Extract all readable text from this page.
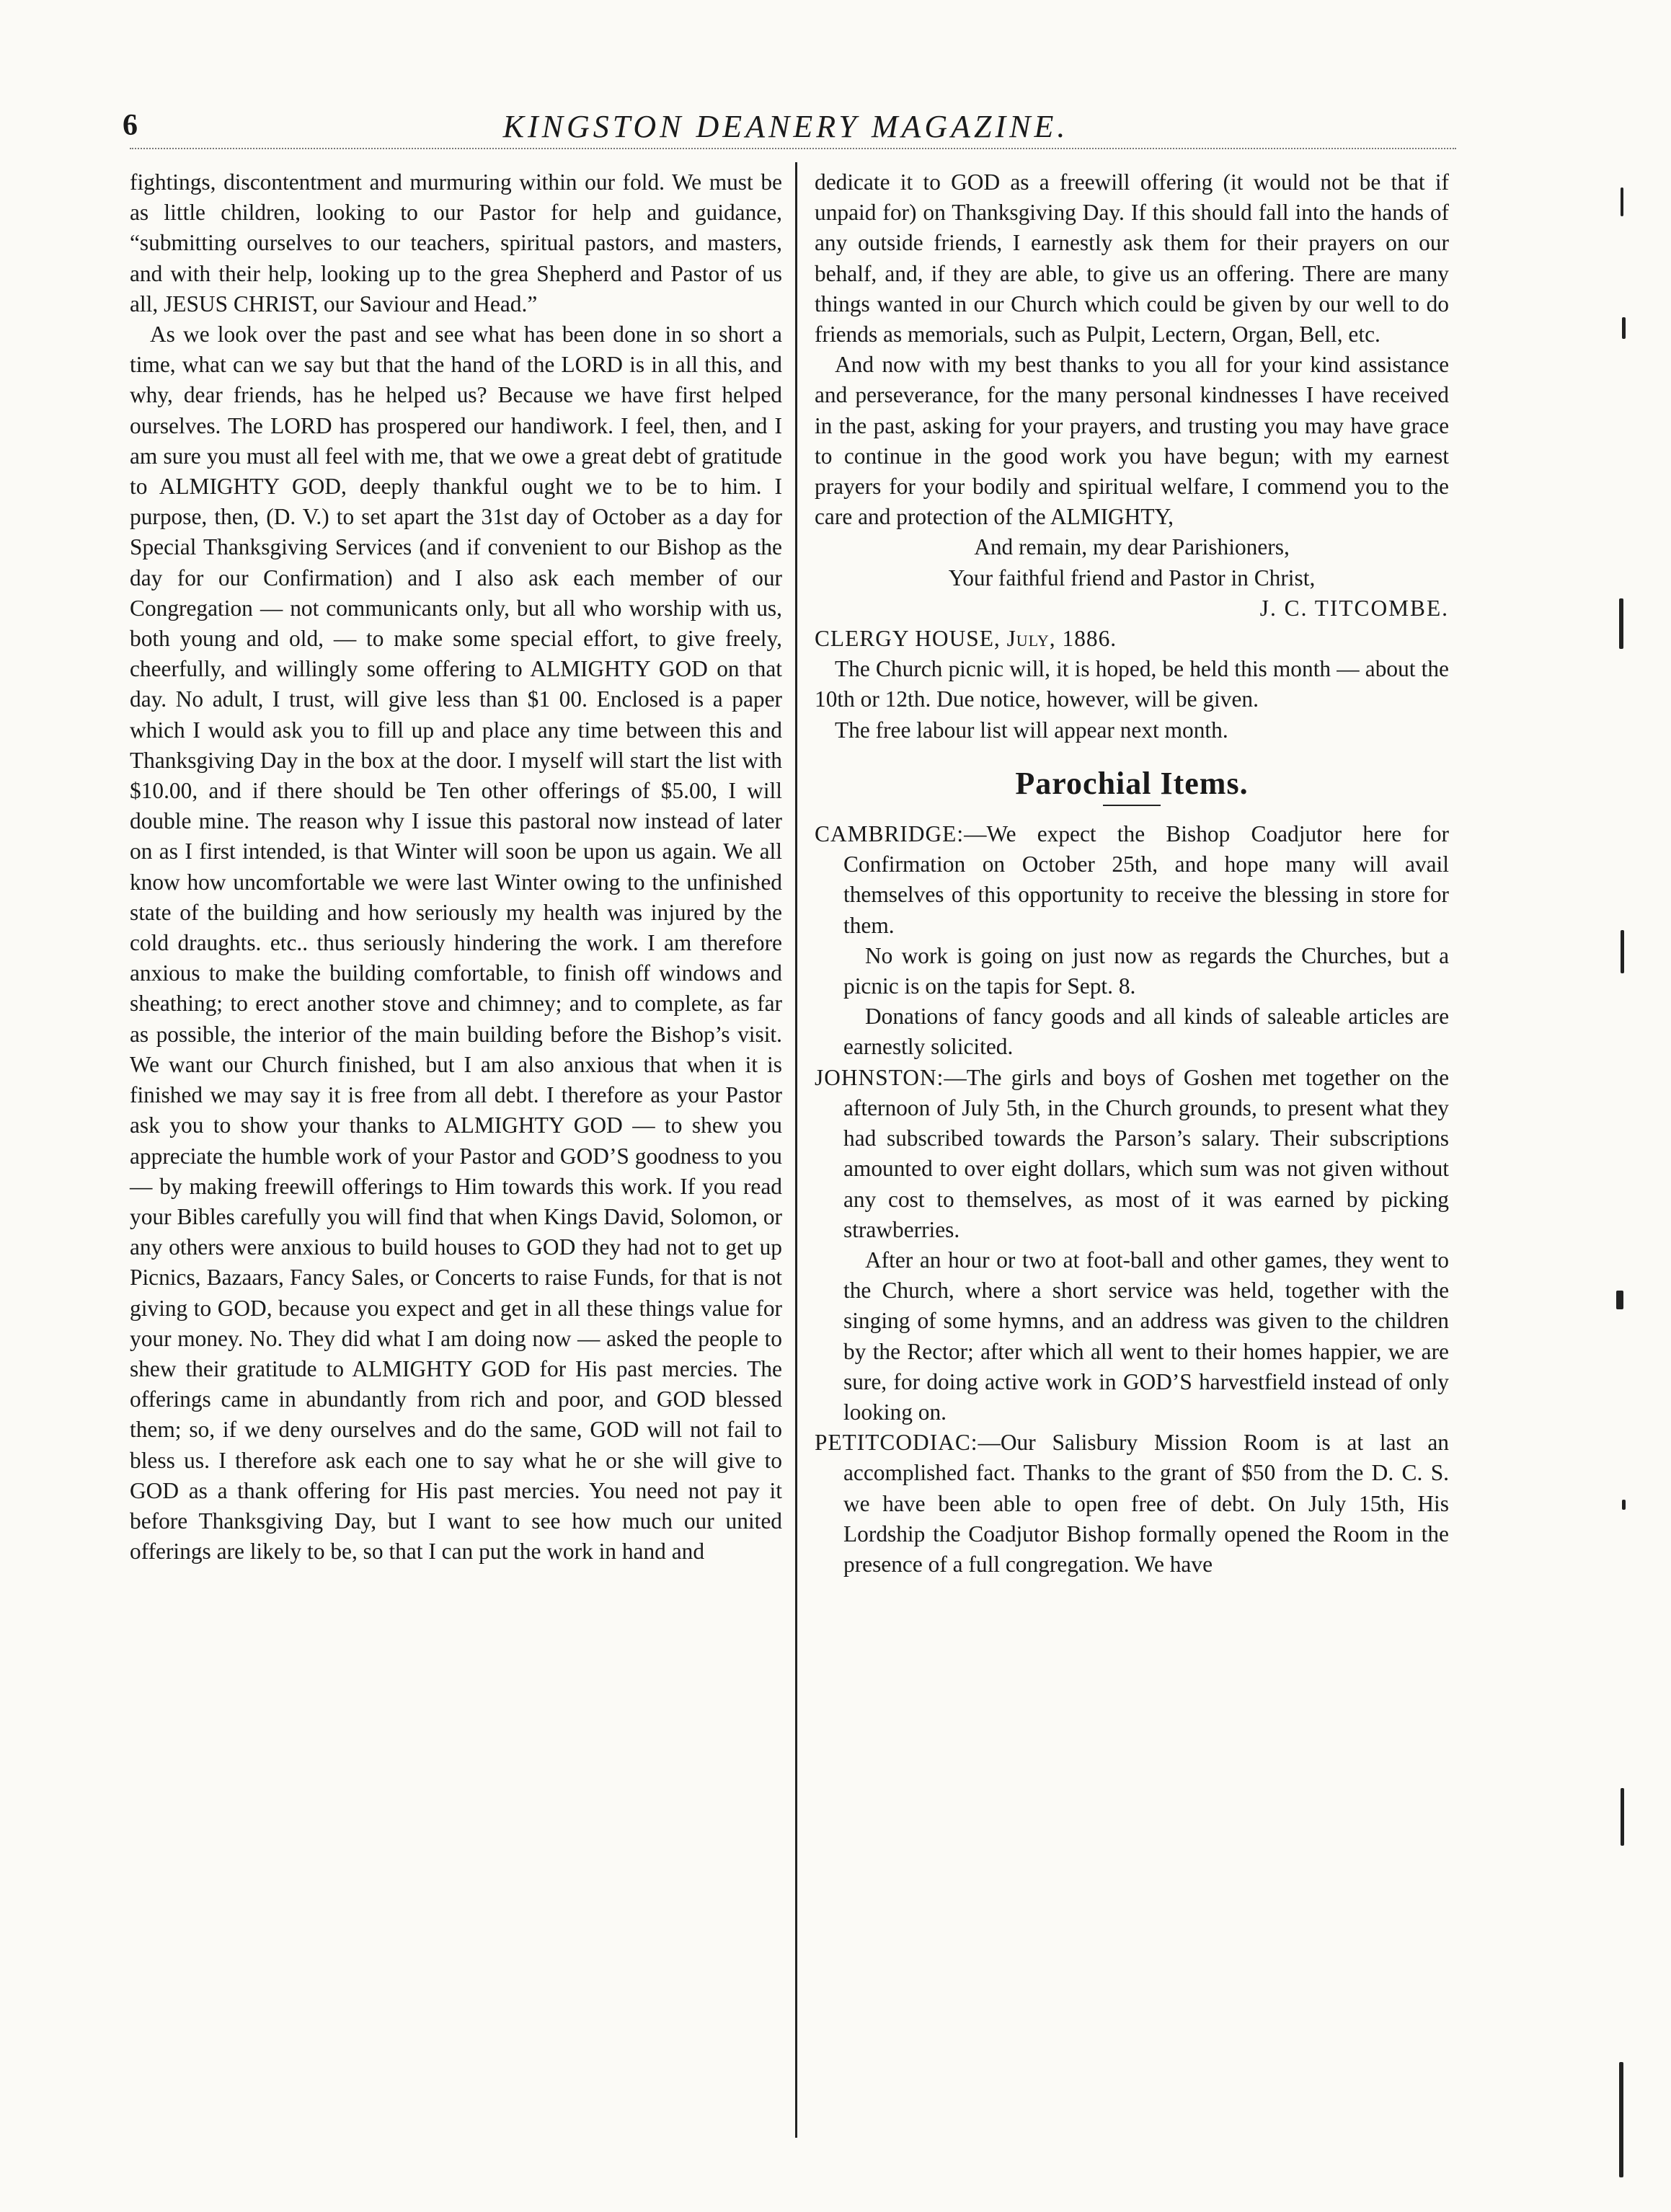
6	KINGSTON DEANERY MAGAZINE.

fightings, discontentment and murmuring within our fold. We must be as little children, looking to our Pastor for help and guidance, “submitting ourselves to our teachers, spiritual pastors, and masters, and with their help, looking up to the grea Shepherd and Pastor of us all, JESUS CHRIST, our Saviour and Head.”

As we look over the past and see what has been done in so short a time, what can we say but that the hand of the LORD is in all this, and why, dear friends, has he helped us? Because we have first helped ourselves. The LORD has prospered our handiwork. I feel, then, and I am sure you must all feel with me, that we owe a great debt of gratitude to ALMIGHTY GOD, deeply thankful ought we to be to him. I purpose, then, (D. V.) to set apart the 31st day of October as a day for Special Thanksgiving Services (and if convenient to our Bishop as the day for our Confirmation) and I also ask each member of our Congregation — not communicants only, but all who worship with us, both young and old, — to make some special effort, to give freely, cheerfully, and willingly some offering to ALMIGHTY GOD on that day. No adult, I trust, will give less than $1 00. Enclosed is a paper which I would ask you to fill up and place any time between this and Thanksgiving Day in the box at the door. I myself will start the list with $10.00, and if there should be Ten other offerings of $5.00, I will double mine. The reason why I issue this pastoral now instead of later on as I first intended, is that Winter will soon be upon us again. We all know how uncomfortable we were last Winter owing to the unfinished state of the building and how seriously my health was injured by the cold draughts. etc.. thus seriously hindering the work. I am therefore anxious to make the building comfortable, to finish off windows and sheathing; to erect another stove and chimney; and to complete, as far as possible, the interior of the main building before the Bishop’s visit. We want our Church finished, but I am also anxious that when it is finished we may say it is free from all debt. I therefore as your Pastor ask you to show your thanks to ALMIGHTY GOD — to shew you appreciate the humble work of your Pastor and GOD’S goodness to you — by making freewill offerings to Him towards this work. If you read your Bibles carefully you will find that when Kings David, Solomon, or any others were anxious to build houses to GOD they had not to get up Picnics, Bazaars, Fancy Sales, or Concerts to raise Funds, for that is not giving to GOD, because you expect and get in all these things value for your money. No. They did what I am doing now — asked the people to shew their gratitude to ALMIGHTY GOD for His past mercies. The offerings came in abundantly from rich and poor, and GOD blessed them; so, if we deny ourselves and do the same, GOD will not fail to bless us. I therefore ask each one to say what he or she will give to GOD as a thank offering for His past mercies. You need not pay it before Thanksgiving Day, but I want to see how much our united offerings are likely to be, so that I can put the work in hand and

dedicate it to GOD as a freewill offering (it would not be that if unpaid for) on Thanksgiving Day. If this should fall into the hands of any outside friends, I earnestly ask them for their prayers on our behalf, and, if they are able, to give us an offering. There are many things wanted in our Church which could be given by our well to do friends as memorials, such as Pulpit, Lectern, Organ, Bell, etc.

And now with my best thanks to you all for your kind assistance and perseverance, for the many personal kindnesses I have received in the past, asking for your prayers, and trusting you may have grace to continue in the good work you have begun; with my earnest prayers for your bodily and spiritual welfare, I commend you to the care and protection of the ALMIGHTY,

And remain, my dear Parishioners,

Your faithful friend and Pastor in Christ,

J. C. TITCOMBE.

CLERGY HOUSE, July, 1886.

The Church picnic will, it is hoped, be held this month — about the 10th or 12th. Due notice, however, will be given.

The free labour list will appear next month.

Parochial Items.

CAMBRIDGE:—We expect the Bishop Coadjutor here for Confirmation on October 25th, and hope many will avail themselves of this opportunity to receive the blessing in store for them.

No work is going on just now as regards the Churches, but a picnic is on the tapis for Sept. 8.

Donations of fancy goods and all kinds of saleable articles are earnestly solicited.

JOHNSTON:—The girls and boys of Goshen met together on the afternoon of July 5th, in the Church grounds, to present what they had subscribed towards the Parson’s salary. Their subscriptions amounted to over eight dollars, which sum was not given without any cost to themselves, as most of it was earned by picking strawberries.

After an hour or two at foot-ball and other games, they went to the Church, where a short service was held, together with the singing of some hymns, and an address was given to the children by the Rector; after which all went to their homes happier, we are sure, for doing active work in GOD’S harvestfield instead of only looking on.

PETITCODIAC:—Our Salisbury Mission Room is at last an accomplished fact. Thanks to the grant of $50 from the D. C. S. we have been able to open free of debt. On July 15th, His Lordship the Coadjutor Bishop formally opened the Room in the presence of a full congregation. We have
